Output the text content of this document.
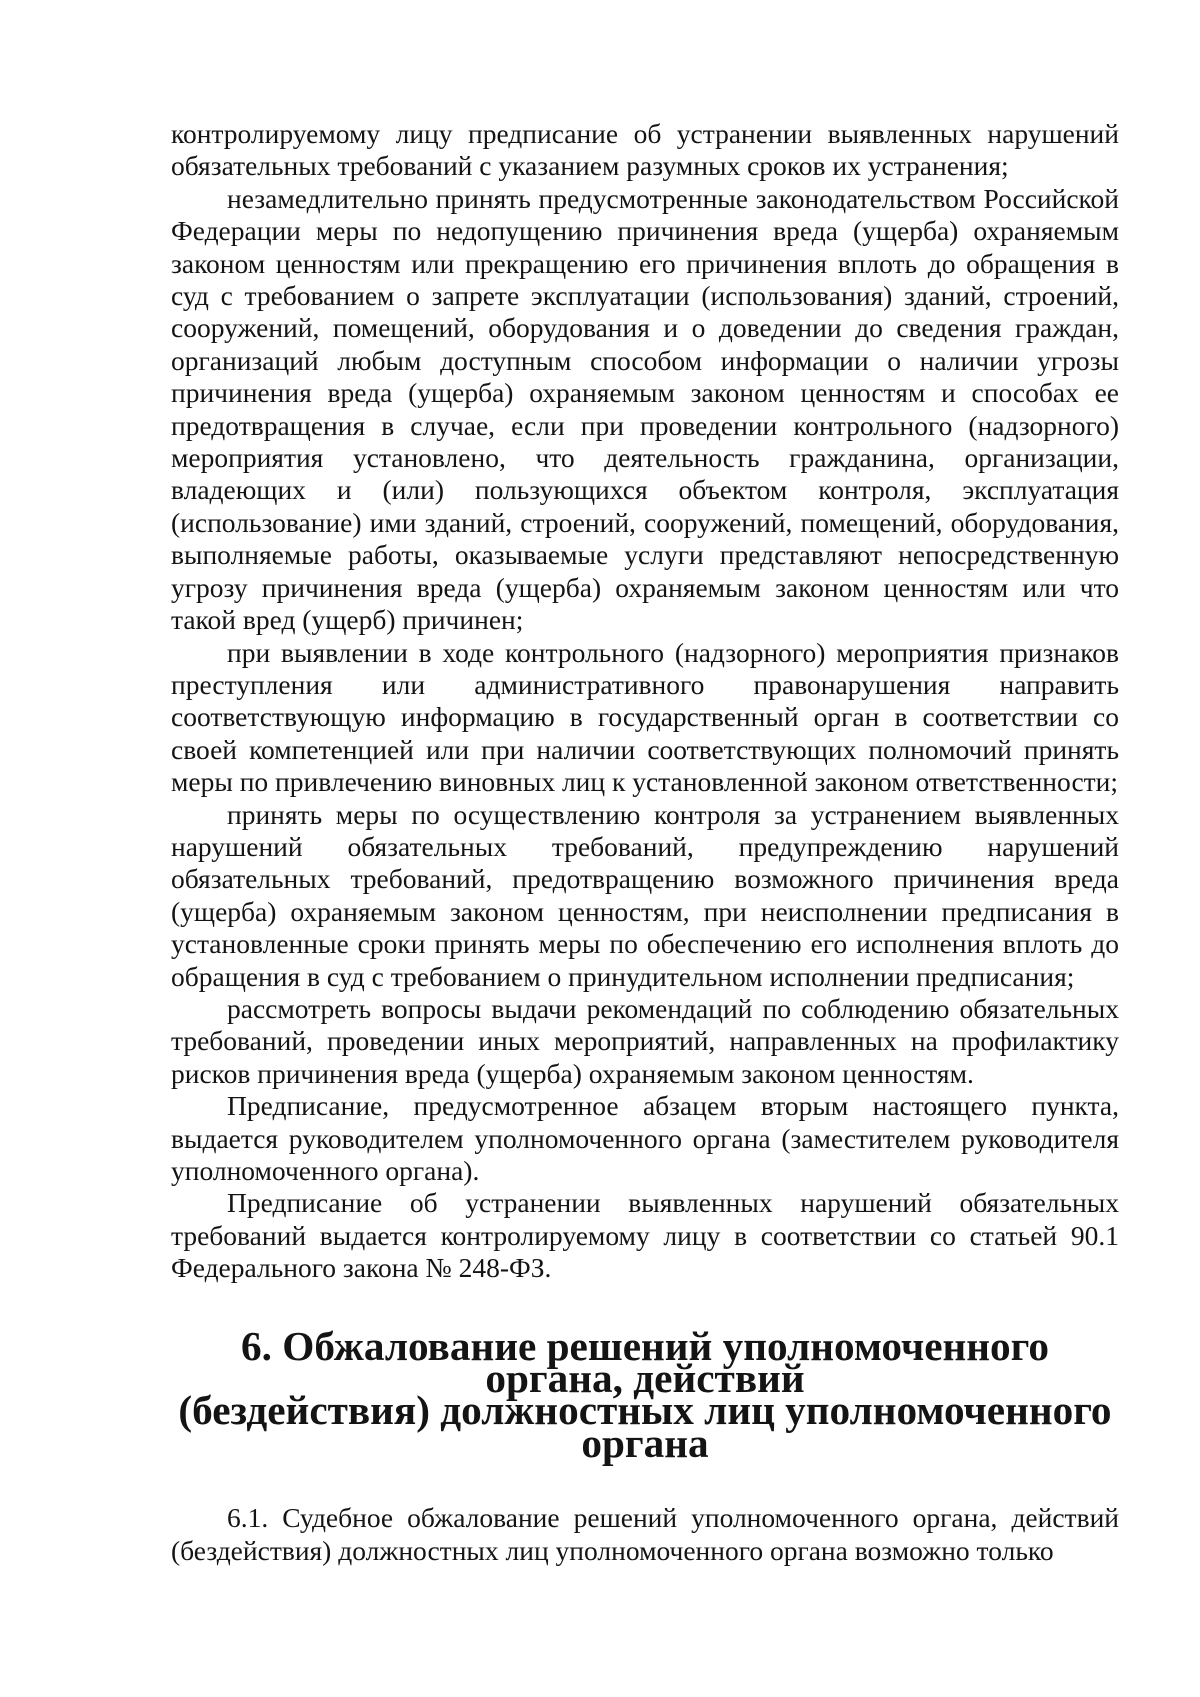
контролируемому лицу предписание об устранении выявленных нарушений обязательных требований с указанием разумных сроков их устранения;

незамедлительно принять предусмотренные законодательством Российской Федерации меры по недопущению причинения вреда (ущерба) охраняемым законом ценностям или прекращению его причинения вплоть до обращения в суд с требованием о запрете эксплуатации (использования) зданий, строений, сооружений, помещений, оборудования и о доведении до сведения граждан, организаций любым доступным способом информации о наличии угрозы причинения вреда (ущерба) охраняемым законом ценностям и способах ее предотвращения в случае, если при проведении контрольного (надзорного) мероприятия установлено, что деятельность гражданина, организации, владеющих и (или) пользующихся объектом контроля, эксплуатация (использование) ими зданий, строений, сооружений, помещений, оборудования, выполняемые работы, оказываемые услуги представляют непосредственную угрозу причинения вреда (ущерба) охраняемым законом ценностям или что такой вред (ущерб) причинен;

при выявлении в ходе контрольного (надзорного) мероприятия признаков преступления или административного правонарушения направить соответствующую информацию в государственный орган в соответствии со своей компетенцией или при наличии соответствующих полномочий принять меры по привлечению виновных лиц к установленной законом ответственности;

принять меры по осуществлению контроля за устранением выявленных нарушений обязательных требований, предупреждению нарушений обязательных требований, предотвращению возможного причинения вреда (ущерба) охраняемым законом ценностям, при неисполнении предписания в установленные сроки принять меры по обеспечению его исполнения вплоть до обращения в суд с требованием о принудительном исполнении предписания;

рассмотреть вопросы выдачи рекомендаций по соблюдению обязательных требований, проведении иных мероприятий, направленных на профилактику рисков причинения вреда (ущерба) охраняемым законом ценностям.

Предписание, предусмотренное абзацем вторым настоящего пункта, выдается руководителем уполномоченного органа (заместителем руководителя уполномоченного органа).

Предписание об устранении выявленных нарушений обязательных требований выдается контролируемому лицу в соответствии со статьей 90.1 Федерального закона № 248-ФЗ.

6. Обжалование решений уполномоченного органа, действий
(бездействия) должностных лиц уполномоченного органа

6.1. Судебное обжалование решений уполномоченного органа, действий (бездействия) должностных лиц уполномоченного органа возможно только
